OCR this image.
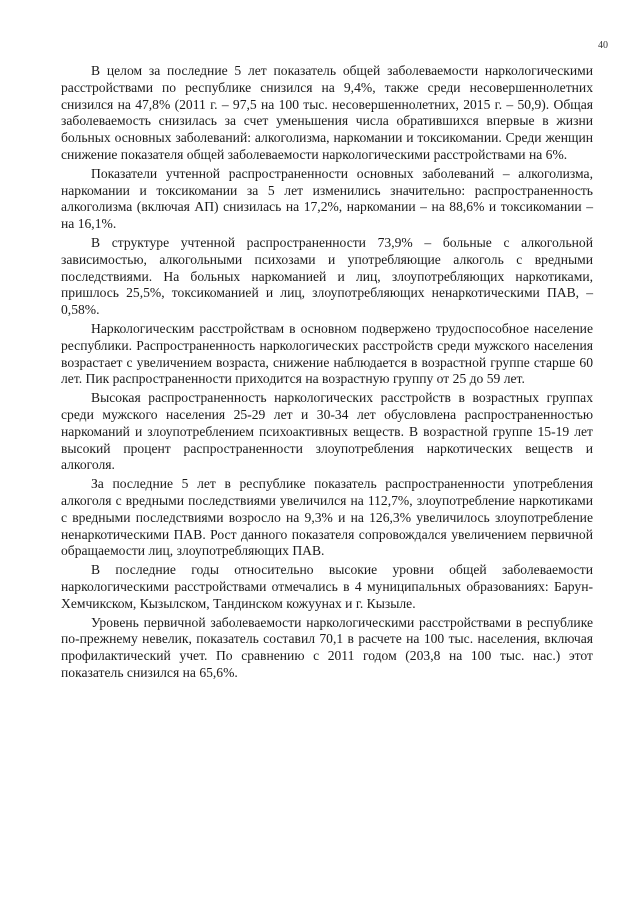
40

В целом за последние 5 лет показатель общей заболеваемости наркологическими расстройствами по республике снизился на 9,4%, также среди несовершеннолетних снизился на 47,8% (2011 г. – 97,5 на 100 тыс. несовершеннолетних, 2015 г. – 50,9). Общая заболеваемость снизилась за счет уменьшения числа обратившихся впервые в жизни больных основных заболеваний: алкоголизма, наркомании и токсикомании. Среди женщин снижение показателя общей заболеваемости наркологическими расстройствами на 6%.

Показатели учтенной распространенности основных заболеваний – алкоголизма, наркомании и токсикомании за 5 лет изменились значительно: распространенность алкоголизма (включая АП) снизилась на 17,2%, наркомании – на 88,6% и токсикомании – на 16,1%.

В структуре учтенной распространенности 73,9% – больные с алкогольной зависимостью, алкогольными психозами и употребляющие алкоголь с вредными последствиями. На больных наркоманией и лиц, злоупотребляющих наркотиками, пришлось 25,5%, токсикоманией и лиц, злоупотребляющих ненаркотическими ПАВ, – 0,58%.

Наркологическим расстройствам в основном подвержено трудоспособное население республики. Распространенность наркологических расстройств среди мужского населения возрастает с увеличением возраста, снижение наблюдается в возрастной группе старше 60 лет. Пик распространенности приходится на возрастную группу от 25 до 59 лет.

Высокая распространенность наркологических расстройств в возрастных группах среди мужского населения 25-29 лет и 30-34 лет обусловлена распространенностью наркоманий и злоупотреблением психоактивных веществ. В возрастной группе 15-19 лет высокий процент распространенности злоупотребления наркотических веществ и алкоголя.

За последние 5 лет в республике показатель распространенности употребления алкоголя с вредными последствиями увеличился на 112,7%, злоупотребление наркотиками с вредными последствиями возросло на 9,3% и на 126,3% увеличилось злоупотребление ненаркотическими ПАВ. Рост данного показателя сопровождался увеличением первичной обращаемости лиц, злоупотребляющих ПАВ.

В последние годы относительно высокие уровни общей заболеваемости наркологическими расстройствами отмечались в 4 муниципальных образованиях: Барун-Хемчикском, Кызылском, Тандинском кожуунах и г. Кызыле.

Уровень первичной заболеваемости наркологическими расстройствами в республике по-прежнему невелик, показатель составил 70,1 в расчете на 100 тыс. населения, включая профилактический учет. По сравнению с 2011 годом (203,8 на 100 тыс. нас.) этот показатель снизился на 65,6%.
